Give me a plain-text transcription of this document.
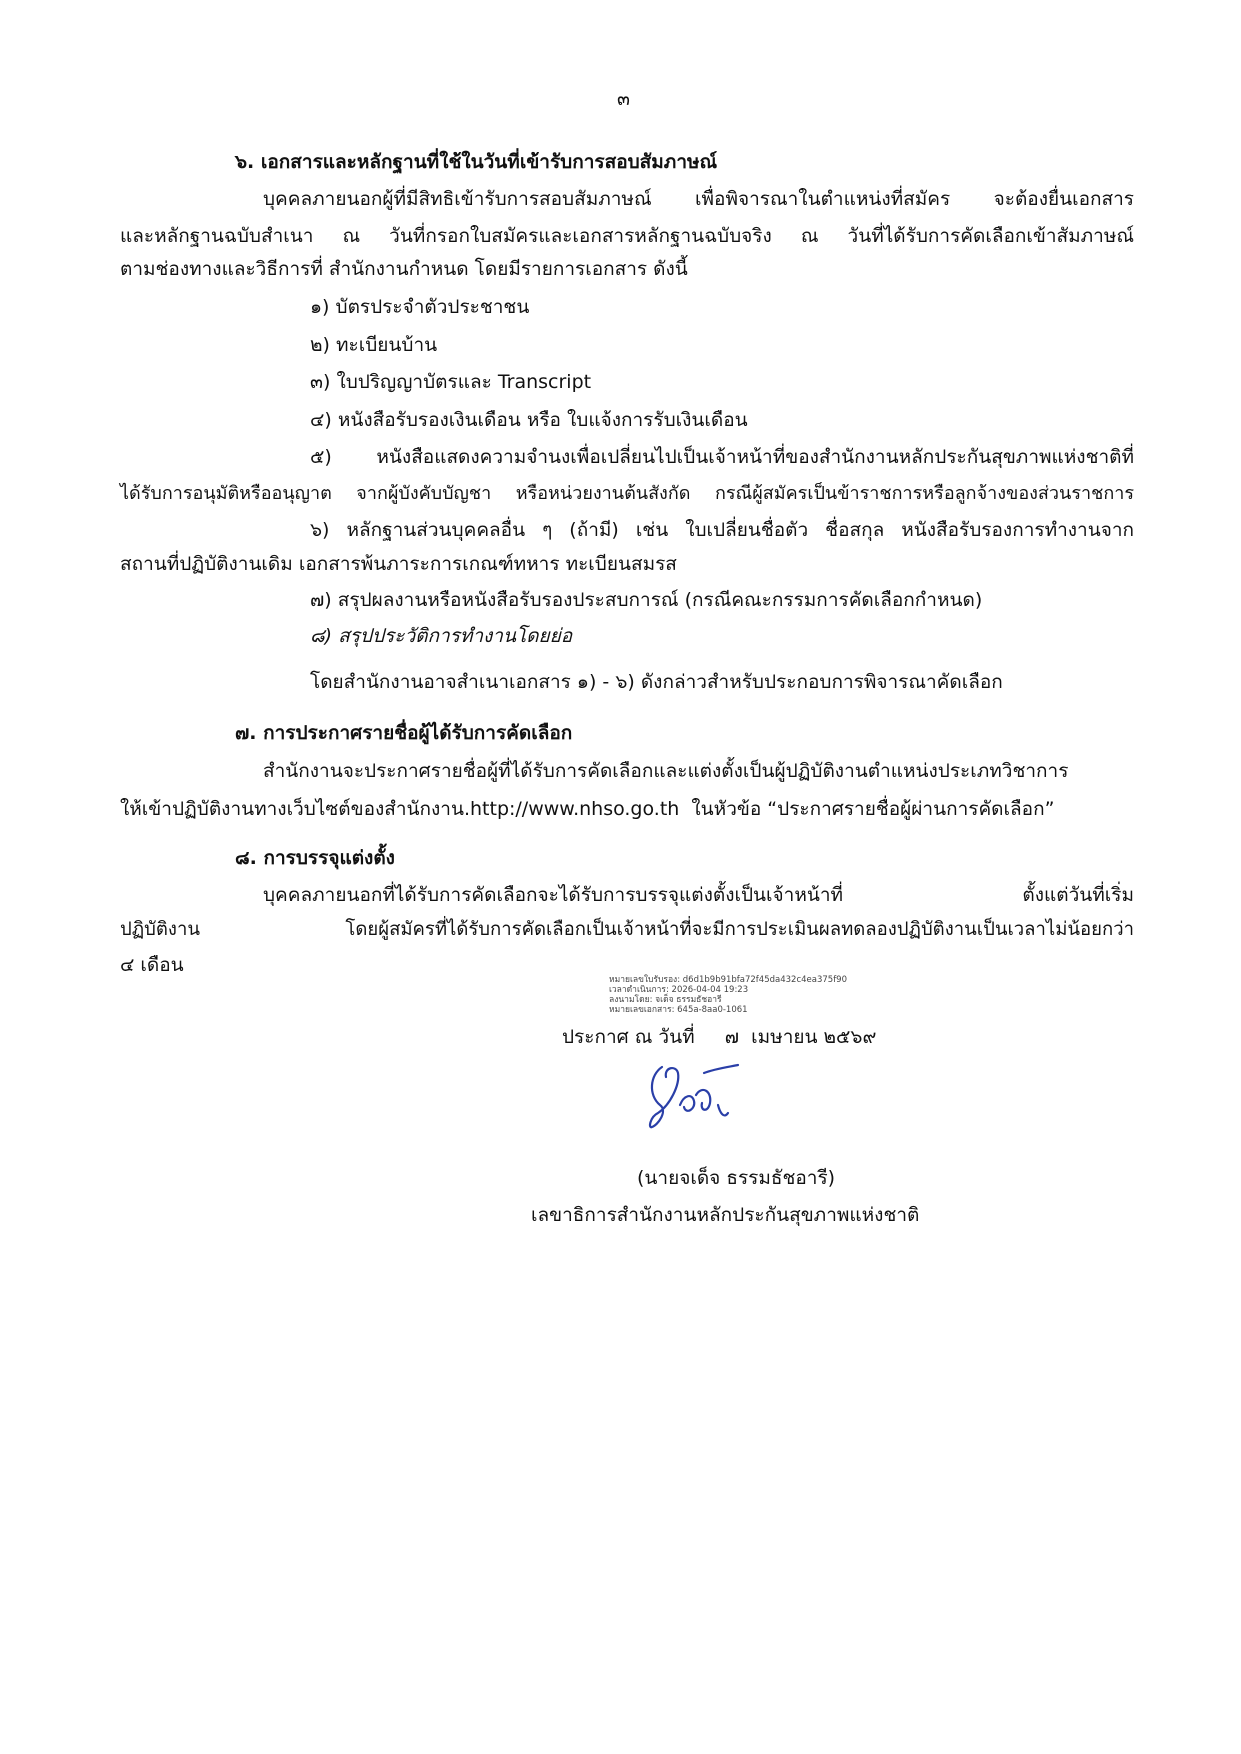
๓
๖. เอกสารและหลักฐานที่ใช้ในวันที่เข้ารับการสอบสัมภาษณ์
บุคคลภายนอกผู้ที่มีสิทธิเข้ารับการสอบสัมภาษณ์ เพื่อพิจารณาในตำแหน่งที่สมัคร จะต้องยื่นเอกสาร
และหลักฐานฉบับสำเนา ณ วันที่กรอกใบสมัครและเอกสารหลักฐานฉบับจริง ณ วันที่ได้รับการคัดเลือกเข้าสัมภาษณ์
ตามช่องทางและวิธีการที่ สำนักงานกำหนด โดยมีรายการเอกสาร ดังนี้
๑) บัตรประจำตัวประชาชน
๒) ทะเบียนบ้าน
๓) ใบปริญญาบัตรและ Transcript
๔) หนังสือรับรองเงินเดือน หรือ ใบแจ้งการรับเงินเดือน
๕) หนังสือแสดงความจำนงเพื่อเปลี่ยนไปเป็นเจ้าหน้าที่ของสำนักงานหลักประกันสุขภาพแห่งชาติที่
ได้รับการอนุมัติหรืออนุญาต จากผู้บังคับบัญชา หรือหน่วยงานต้นสังกัด กรณีผู้สมัครเป็นข้าราชการหรือลูกจ้างของส่วนราชการ
๖) หลักฐานส่วนบุคคลอื่น ๆ (ถ้ามี) เช่น ใบเปลี่ยนชื่อตัว ชื่อสกุล หนังสือรับรองการทำงานจาก
สถานที่ปฏิบัติงานเดิม เอกสารพ้นภาระการเกณฑ์ทหาร ทะเบียนสมรส
๗) สรุปผลงานหรือหนังสือรับรองประสบการณ์ (กรณีคณะกรรมการคัดเลือกกำหนด)
๘) สรุปประวัติการทำงานโดยย่อ
โดยสำนักงานอาจสำเนาเอกสาร ๑) - ๖) ดังกล่าวสำหรับประกอบการพิจารณาคัดเลือก
๗. การประกาศรายชื่อผู้ได้รับการคัดเลือก
สำนักงานจะประกาศรายชื่อผู้ที่ได้รับการคัดเลือกและแต่งตั้งเป็นผู้ปฏิบัติงานตำแหน่งประเภทวิชาการ
ให้เข้าปฏิบัติงานทางเว็บไซต์ของสำนักงาน.http://www.nhso.go.th  ในหัวข้อ “ประกาศรายชื่อผู้ผ่านการคัดเลือก”
๘. การบรรจุแต่งตั้ง
บุคคลภายนอกที่ได้รับการคัดเลือกจะได้รับการบรรจุแต่งตั้งเป็นเจ้าหน้าที่ ตั้งแต่วันที่เริ่ม
ปฏิบัติงาน โดยผู้สมัครที่ได้รับการคัดเลือกเป็นเจ้าหน้าที่จะมีการประเมินผลทดลองปฏิบัติงานเป็นเวลาไม่น้อยกว่า
๔ เดือน
หมายเลขใบรับรอง: d6d1b9b91bfa72f45da432c4ea375f90
เวลาดำเนินการ: 2026-04-04 19:23
ลงนามโดย: จเด็จ ธรรมธัชอารี
หมายเลขเอกสาร: 645a-8aa0-1061
ประกาศ ณ วันที่     ๗  เมษายน ๒๕๖๙
(นายจเด็จ ธรรมธัชอารี)
เลขาธิการสำนักงานหลักประกันสุขภาพแห่งชาติ
